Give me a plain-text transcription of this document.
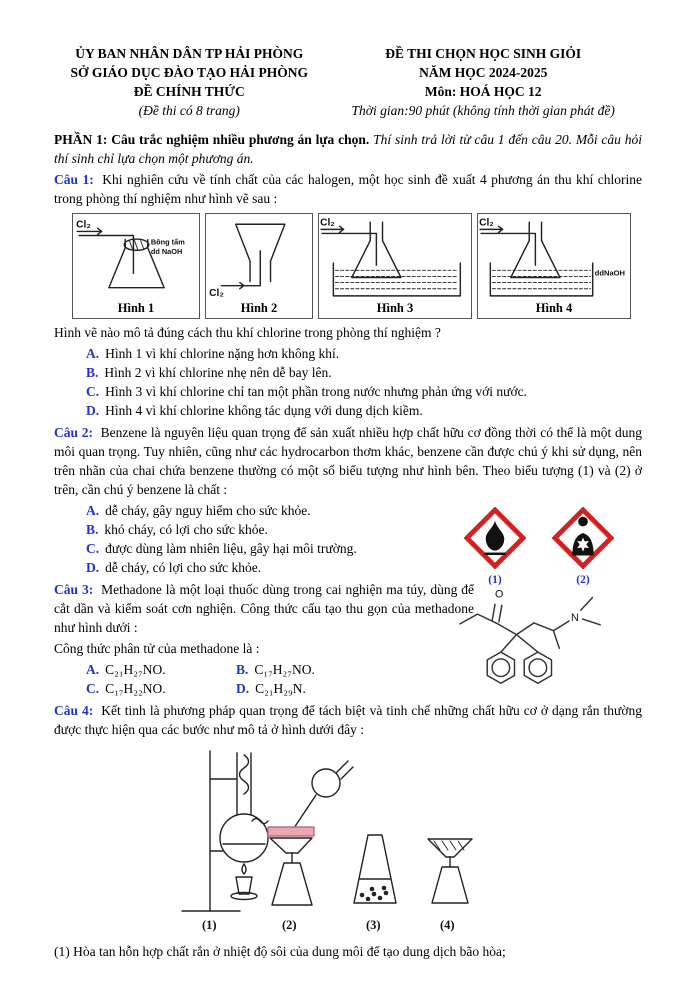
ỦY BAN NHÂN DÂN TP HẢI PHÒNG
SỞ GIÁO DỤC ĐÀO TẠO HẢI PHÒNG
ĐỀ CHÍNH THỨC
(Đề thi có 8 trang)
ĐỀ THI CHỌN HỌC SINH GIỎI
NĂM HỌC 2024-2025
Môn: HOÁ HỌC 12
Thời gian:90 phút (không tính thời gian phát đề)

PHẦN 1: Câu trắc nghiệm nhiều phương án lựa chọn. Thí sinh trả lời từ câu 1 đến câu 20. Mỗi câu hỏi thí sinh chỉ lựa chọn một phương án.

Câu 1: Khi nghiên cứu về tính chất của các halogen, một học sinh đề xuất 4 phương án thu khí chlorine trong phòng thí nghiệm như hình vẽ sau :

Cl₂
Bông tẩm
dd NaOH
Hình 1
Cl₂
Hình 2
Cl₂
Hình 3
Cl₂
ddNaOH
Hình 4

Hình vẽ nào mô tả đúng cách thu khí chlorine trong phòng thí nghiệm ?

A. Hình 1 vì khí chlorine nặng hơn không khí.
B. Hình 2 vì khí chlorine nhẹ nên dễ bay lên.
C. Hình 3 vì khí chlorine chỉ tan một phần trong nước nhưng phản ứng với nước.
D. Hình 4 vì khí chlorine không tác dụng với dung dịch kiềm.

Câu 2: Benzene là nguyên liệu quan trọng để sản xuất nhiều hợp chất hữu cơ đồng thời có thể là một dung môi quan trọng. Tuy nhiên, cũng như các hydrocarbon thơm khác, benzene cần được chú ý khi sử dụng, nên trên nhãn của chai chứa benzene thường có một số biểu tượng như hình bên. Theo biểu tượng (1) và (2) ở trên, cần chú ý benzene là chất :

A. dễ cháy, gây nguy hiểm cho sức khỏe.
B. khó cháy, có lợi cho sức khỏe.
C. được dùng làm nhiên liệu, gây hại môi trường.
D. dễ cháy, có lợi cho sức khỏe.
(1)	(2)

Câu 3: Methadone là một loại thuốc dùng trong cai nghiện ma túy, dùng để cắt dần và kiểm soát cơn nghiện. Công thức cấu tạo thu gọn của methadone như hình dưới :

O
N

Công thức phân tử của methadone là :

A. C₂₁H₂₇NO.	B. C₁₇H₂₇NO.
C. C₁₇H₂₂NO.	D. C₂₁H₂₉N.

Câu 4: Kết tinh là phương pháp quan trọng để tách biệt và tinh chế những chất hữu cơ ở dạng rắn thường được thực hiện qua các bước như mô tả ở hình dưới đây :

(1)	(2)	(3)	(4)

(1) Hòa tan hỗn hợp chất rắn ở nhiệt độ sôi của dung môi để tạo dung dịch bão hòa;
